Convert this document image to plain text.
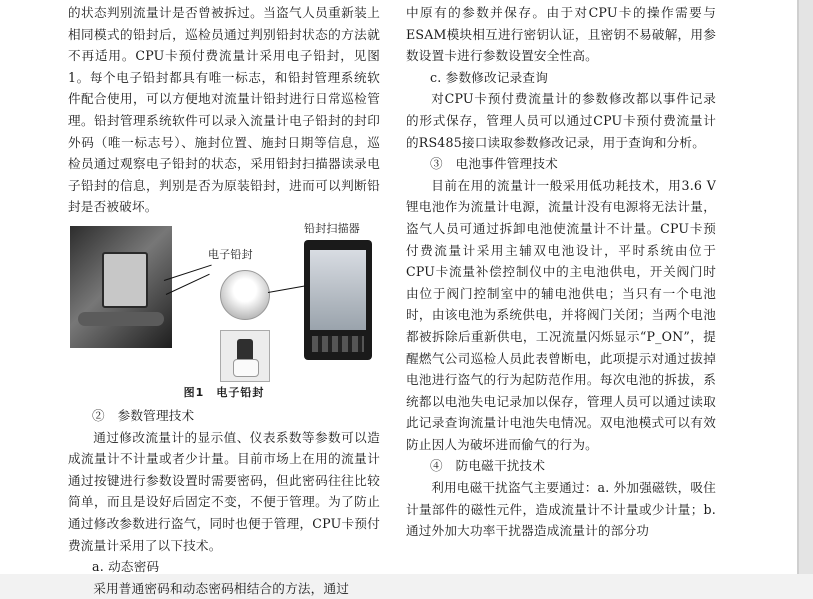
的状态判别流量计是否曾被拆过。当盗气人员重新装上相同模式的铅封后，巡检员通过判别铅封状态的方法就不再适用。CPU卡预付费流量计采用电子铅封，见图1。每个电子铅封都具有唯一标志，和铅封管理系统软件配合使用，可以方便地对流量计铅封进行日常巡检管理。铅封管理系统软件可以录入流量计电子铅封的封印外码（唯一标志号）、施封位置、施封日期等信息，巡检员通过观察电子铅封的状态，采用铅封扫描器读录电子铅封的信息，判别是否为原装铅封，进而可以判断铅封是否被破坏。

电子铅封
铅封扫描器
图1　电子铅封

②　参数管理技术

通过修改流量计的显示值、仪表系数等参数可以造成流量计不计量或者少计量。目前市场上在用的流量计通过按键进行参数设置时需要密码，但此密码往往比较简单，而且是设好后固定不变，不便于管理。为了防止通过修改参数进行盗气，同时也便于管理，CPU卡预付费流量计采用了以下技术。

a. 动态密码

采用普通密码和动态密码相结合的方法，通过

中原有的参数并保存。由于对CPU卡的操作需要与ESAM模块相互进行密钥认证，且密钥不易破解，用参数设置卡进行参数设置安全性高。

c. 参数修改记录查询

对CPU卡预付费流量计的参数修改都以事件记录的形式保存，管理人员可以通过CPU卡预付费流量计的RS485接口读取参数修改记录，用于查询和分析。

③　电池事件管理技术

目前在用的流量计一般采用低功耗技术，用3.6 V锂电池作为流量计电源，流量计没有电源将无法计量，盗气人员可通过拆卸电池使流量计不计量。CPU卡预付费流量计采用主辅双电池设计，平时系统由位于CPU卡流量补偿控制仪中的主电池供电，开关阀门时由位于阀门控制室中的辅电池供电；当只有一个电池时，由该电池为系统供电，并将阀门关闭；当两个电池都被拆除后重新供电，工况流量闪烁显示“P_ON”，提醒燃气公司巡检人员此表曾断电，此项提示对通过拔掉电池进行盗气的行为起防范作用。每次电池的拆拔，系统都以电池失电记录加以保存，管理人员可以通过读取此记录查询流量计电池失电情况。双电池模式可以有效防止因人为破坏进而偷气的行为。

④　防电磁干扰技术

利用电磁干扰盗气主要通过：a. 外加强磁铁，吸住计量部件的磁性元件，造成流量计不计量或少计量；b. 通过外加大功率干扰器造成流量计的部分功
